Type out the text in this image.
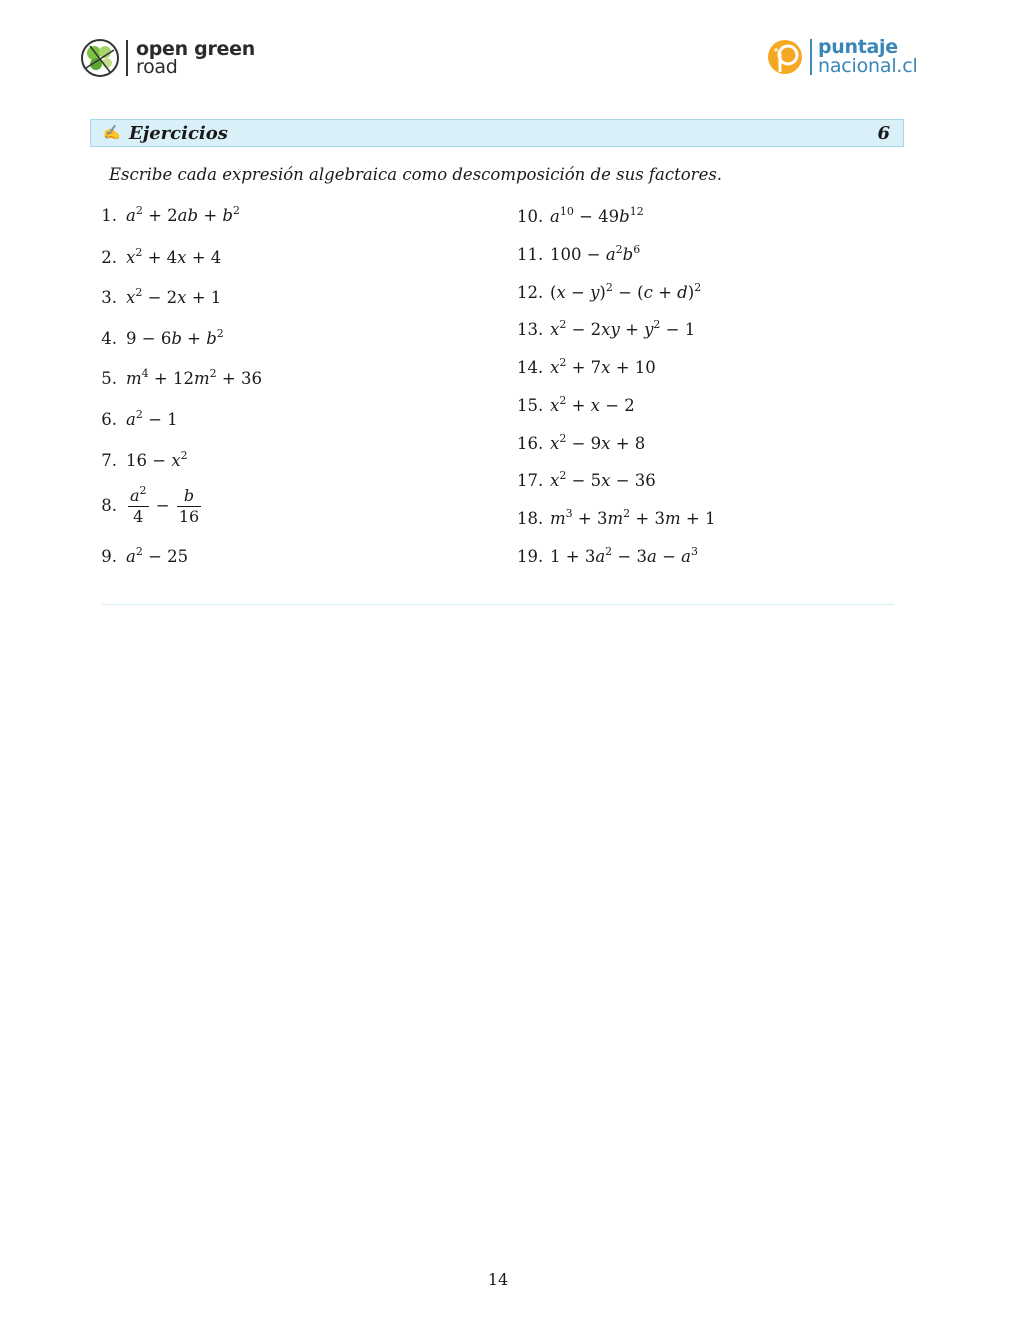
open green
road
puntaje
nacional.cl
✍ Ejercicios	6
Escribe cada expresión algebraica como descomposición de sus factores.
1. $a^2 + 2ab + b^2$
2. $x^2 + 4x + 4$
3. $x^2 - 2x + 1$
4. $9 - 6b + b^2$
5. $m^4 + 12m^2 + 36$
6. $a^2 - 1$
7. $16 - x^2$
8. $\frac{a^2}{4} - \frac{b}{16}$
9. $a^2 - 25$
10. $a^{10} - 49b^{12}$
11. $100 - a^2b^6$
12. $(x - y)^2 - (c + d)^2$
13. $x^2 - 2xy + y^2 - 1$
14. $x^2 + 7x + 10$
15. $x^2 + x - 2$
16. $x^2 - 9x + 8$
17. $x^2 - 5x - 36$
18. $m^3 + 3m^2 + 3m + 1$
19. $1 + 3a^2 - 3a - a^3$
14
